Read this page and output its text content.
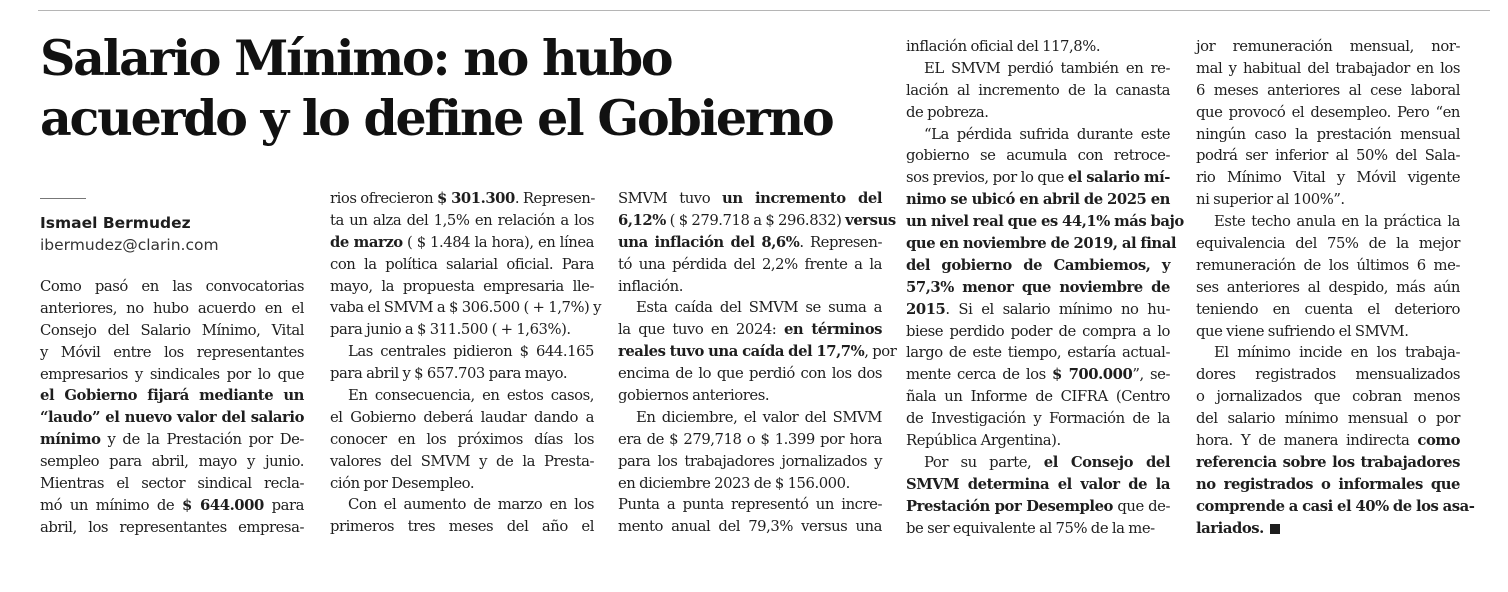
Salario Mínimo: no hubo
acuerdo y lo define el Gobierno
Ismael Bermudez
ibermudez@clarin.com
Como pasó en las convocatorias
anteriores, no hubo acuerdo en el
Consejo del Salario Mínimo, Vital
y Móvil entre los representantes
empresarios y sindicales por lo que
el Gobierno fijará mediante un
“laudo” el nuevo valor del salario
mínimo y de la Prestación por De-
sempleo para abril, mayo y junio.
Mientras el sector sindical recla-
mó un mínimo de $ 644.000 para
abril, los representantes empresa-
rios ofrecieron $ 301.300. Represen-
ta un alza del 1,5% en relación a los
de marzo ( $ 1.484 la hora), en línea
con la política salarial oficial. Para
mayo, la propuesta empresaria lle-
vaba el SMVM a $ 306.500 ( + 1,7%) y
para junio a $ 311.500 ( + 1,63%).
Las centrales pidieron $ 644.165
para abril y $ 657.703 para mayo.
En consecuencia, en estos casos,
el Gobierno deberá laudar dando a
conocer en los próximos días los
valores del SMVM y de la Presta-
ción por Desempleo.
Con el aumento de marzo en los
primeros tres meses del año el
SMVM tuvo un incremento del
6,12% ( $ 279.718 a $ 296.832) versus
una inflación del 8,6%. Represen-
tó una pérdida del 2,2% frente a la
inflación.
Esta caída del SMVM se suma a
la que tuvo en 2024: en términos
reales tuvo una caída del 17,7%, por
encima de lo que perdió con los dos
gobiernos anteriores.
En diciembre, el valor del SMVM
era de $ 279,718 o $ 1.399 por hora
para los trabajadores jornalizados y
en diciembre 2023 de $ 156.000.
Punta a punta representó un incre-
mento anual del 79,3% versus una
inflación oficial del 117,8%.
EL SMVM perdió también en re-
lación al incremento de la canasta
de pobreza.
“La pérdida sufrida durante este
gobierno se acumula con retroce-
sos previos, por lo que el salario mí-
nimo se ubicó en abril de 2025 en
un nivel real que es 44,1% más bajo
que en noviembre de 2019, al final
del gobierno de Cambiemos, y
57,3% menor que noviembre de
2015. Si el salario mínimo no hu-
biese perdido poder de compra a lo
largo de este tiempo, estaría actual-
mente cerca de los $ 700.000”, se-
ñala un Informe de CIFRA (Centro
de Investigación y Formación de la
República Argentina).
Por su parte, el Consejo del
SMVM determina el valor de la
Prestación por Desempleo que de-
be ser equivalente al 75% de la me-
jor remuneración mensual, nor-
mal y habitual del trabajador en los
6 meses anteriores al cese laboral
que provocó el desempleo. Pero “en
ningún caso la prestación mensual
podrá ser inferior al 50% del Sala-
rio Mínimo Vital y Móvil vigente
ni superior al 100%”.
Este techo anula en la práctica la
equivalencia del 75% de la mejor
remuneración de los últimos 6 me-
ses anteriores al despido, más aún
teniendo en cuenta el deterioro
que viene sufriendo el SMVM.
El mínimo incide en los trabaja-
dores registrados mensualizados
o jornalizados que cobran menos
del salario mínimo mensual o por
hora. Y de manera indirecta como
referencia sobre los trabajadores
no registrados o informales que
comprende a casi el 40% de los asa-
lariados.
